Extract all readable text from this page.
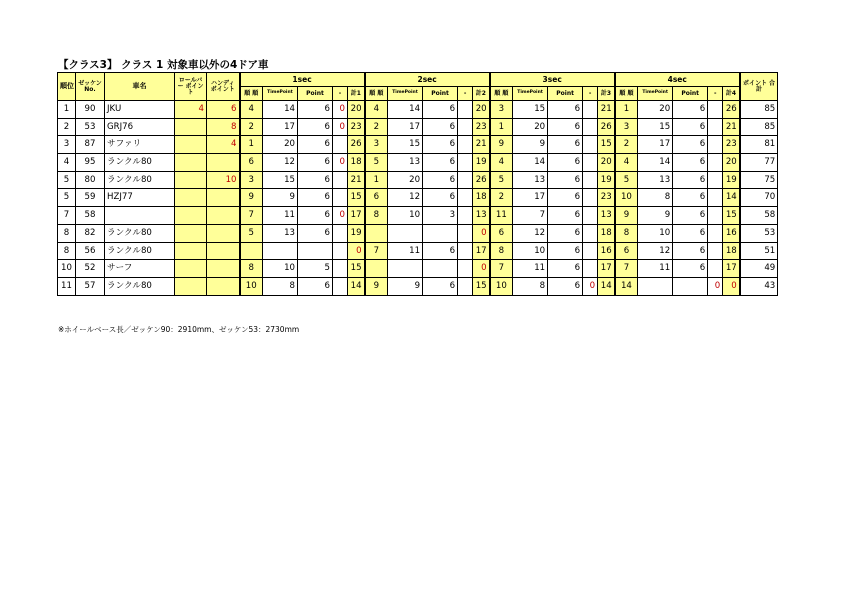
【クラス3】 クラス 1 対象車以外の4ドア車
順位	ゼッケン No.	車名	ロールバー ポイント	ハンディ ポイント	1sec					2sec					3sec					4sec					ポイント 合計
					順 順	TimePoint	Point	-	計1	順 順	TimePoint	Point	-	計2	順 順	TimePoint	Point	-	計3	順 順	TimePoint	Point	-	計4	
1	90	JKU	4	6	4	14	6	0	20	4	14	6		20	3	15	6		21	1	20	6		26	85
2	53	GRJ76		8	2	17	6	0	23	2	17	6		23	1	20	6		26	3	15	6		21	85
3	87	サファリ		4	1	20	6		26	3	15	6		21	9	9	6		15	2	17	6		23	81
4	95	ランクル80			6	12	6	0	18	5	13	6		19	4	14	6		20	4	14	6		20	77
5	80	ランクル80		10	3	15	6		21	1	20	6		26	5	13	6		19	5	13	6		19	75
5	59	HZJ77			9	9	6		15	6	12	6		18	2	17	6		23	10	8	6		14	70
7	58				7	11	6	0	17	8	10	3		13	11	7	6		13	9	9	6		15	58
8	82	ランクル80			5	13	6		19					0	6	12	6		18	8	10	6		16	53
8	56	ランクル80							0	7	11	6		17	8	10	6		16	6	12	6		18	51
10	52	サーフ			8	10	5		15					0	7	11	6		17	7	11	6		17	49
11	57	ランクル80			10	8	6		14	9	9	6		15	10	8	6	0	14	14			0	0	43
※ホイールベース長／ゼッケン90：2910mm、ゼッケン53：2730mm
